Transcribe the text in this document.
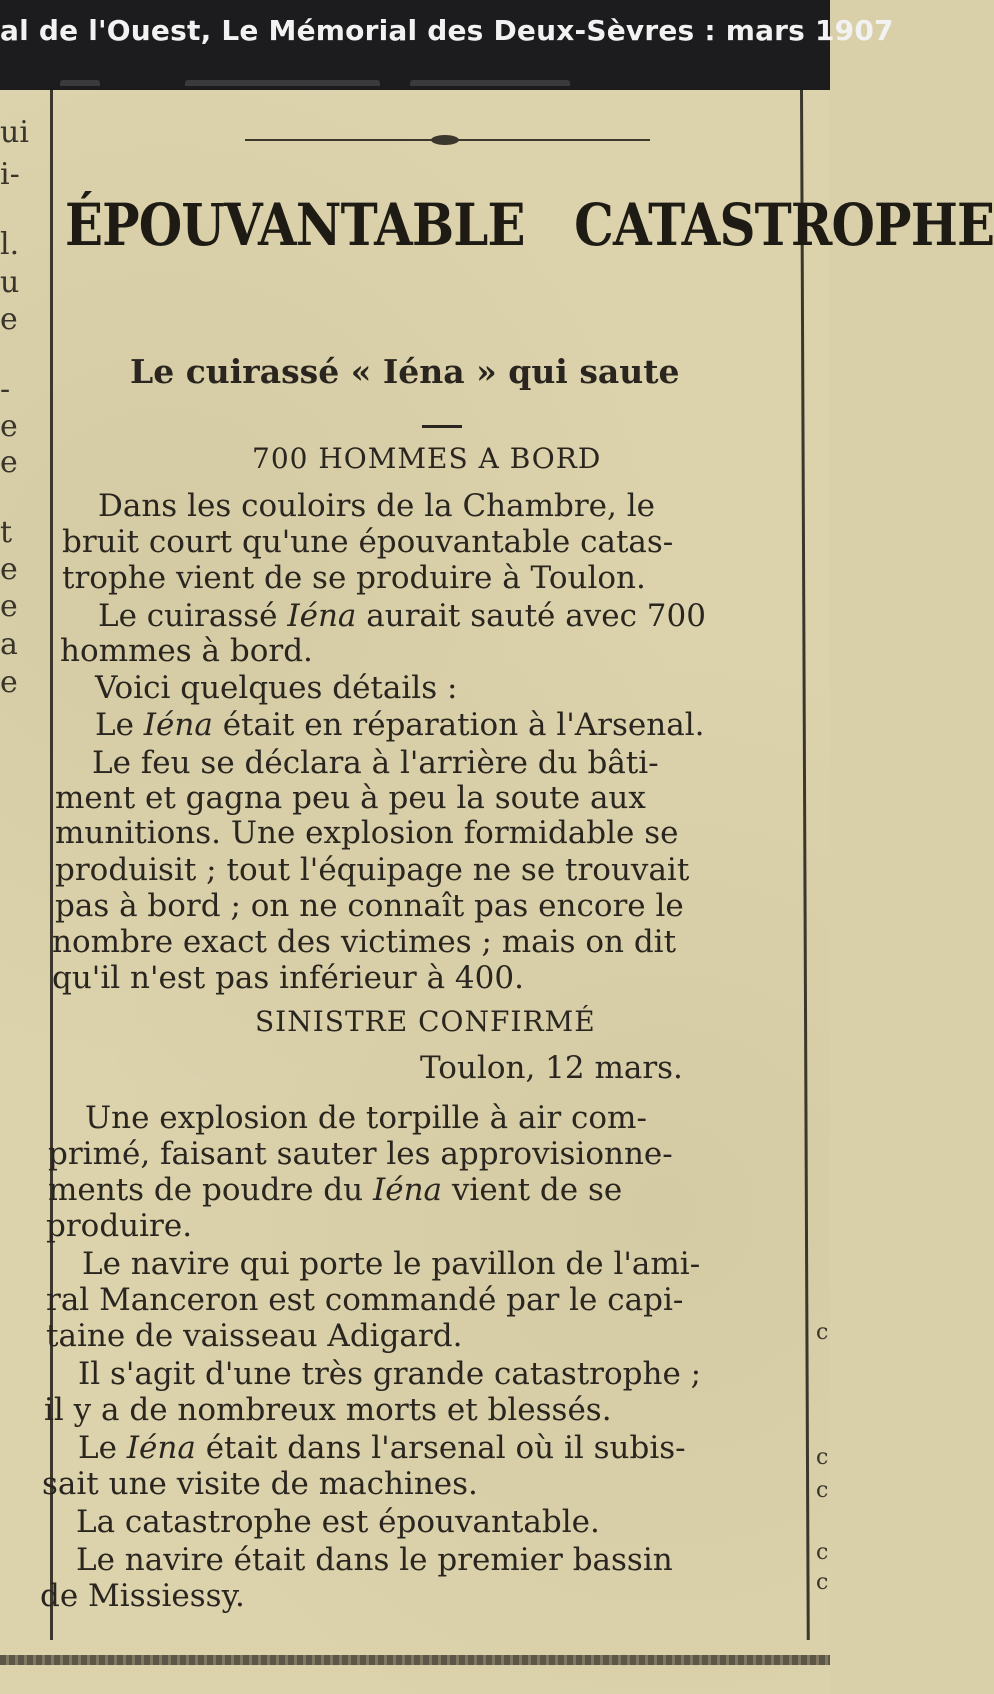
al de l'Ouest, Le Mémorial des Deux-Sèvres : mars 1907
ui
i-
l.
u
e
-
e
e
t
e
e
a
e
c
c
c
c
c
ÉPOUVANTABLE   CATASTROPHE
Le cuirassé « Iéna » qui saute
700 HOMMES A BORD
Dans les couloirs de la Chambre, le
bruit court qu'une épouvantable catas-
trophe vient de se produire à Toulon.
Le cuirassé Iéna aurait sauté avec 700
hommes à bord.
Voici quelques détails :
Le Iéna était en réparation à l'Arsenal.
Le feu se déclara à l'arrière du bâti-
ment et gagna peu à peu la soute aux
munitions. Une explosion formidable se
produisit ; tout l'équipage ne se trouvait
pas à bord ; on ne connaît pas encore le
nombre exact des victimes ; mais on dit
qu'il n'est pas inférieur à 400.
SINISTRE CONFIRMÉ
Toulon, 12 mars.
Une explosion de torpille à air com-
primé, faisant sauter les approvisionne-
ments de poudre du Iéna vient de se
produire.
Le navire qui porte le pavillon de l'ami-
ral Manceron est commandé par le capi-
taine de vaisseau Adigard.
Il s'agit d'une très grande catastrophe ;
il y a de nombreux morts et blessés.
Le Iéna était dans l'arsenal où il subis-
sait une visite de machines.
La catastrophe est épouvantable.
Le navire était dans le premier bassin
de Missiessy.
